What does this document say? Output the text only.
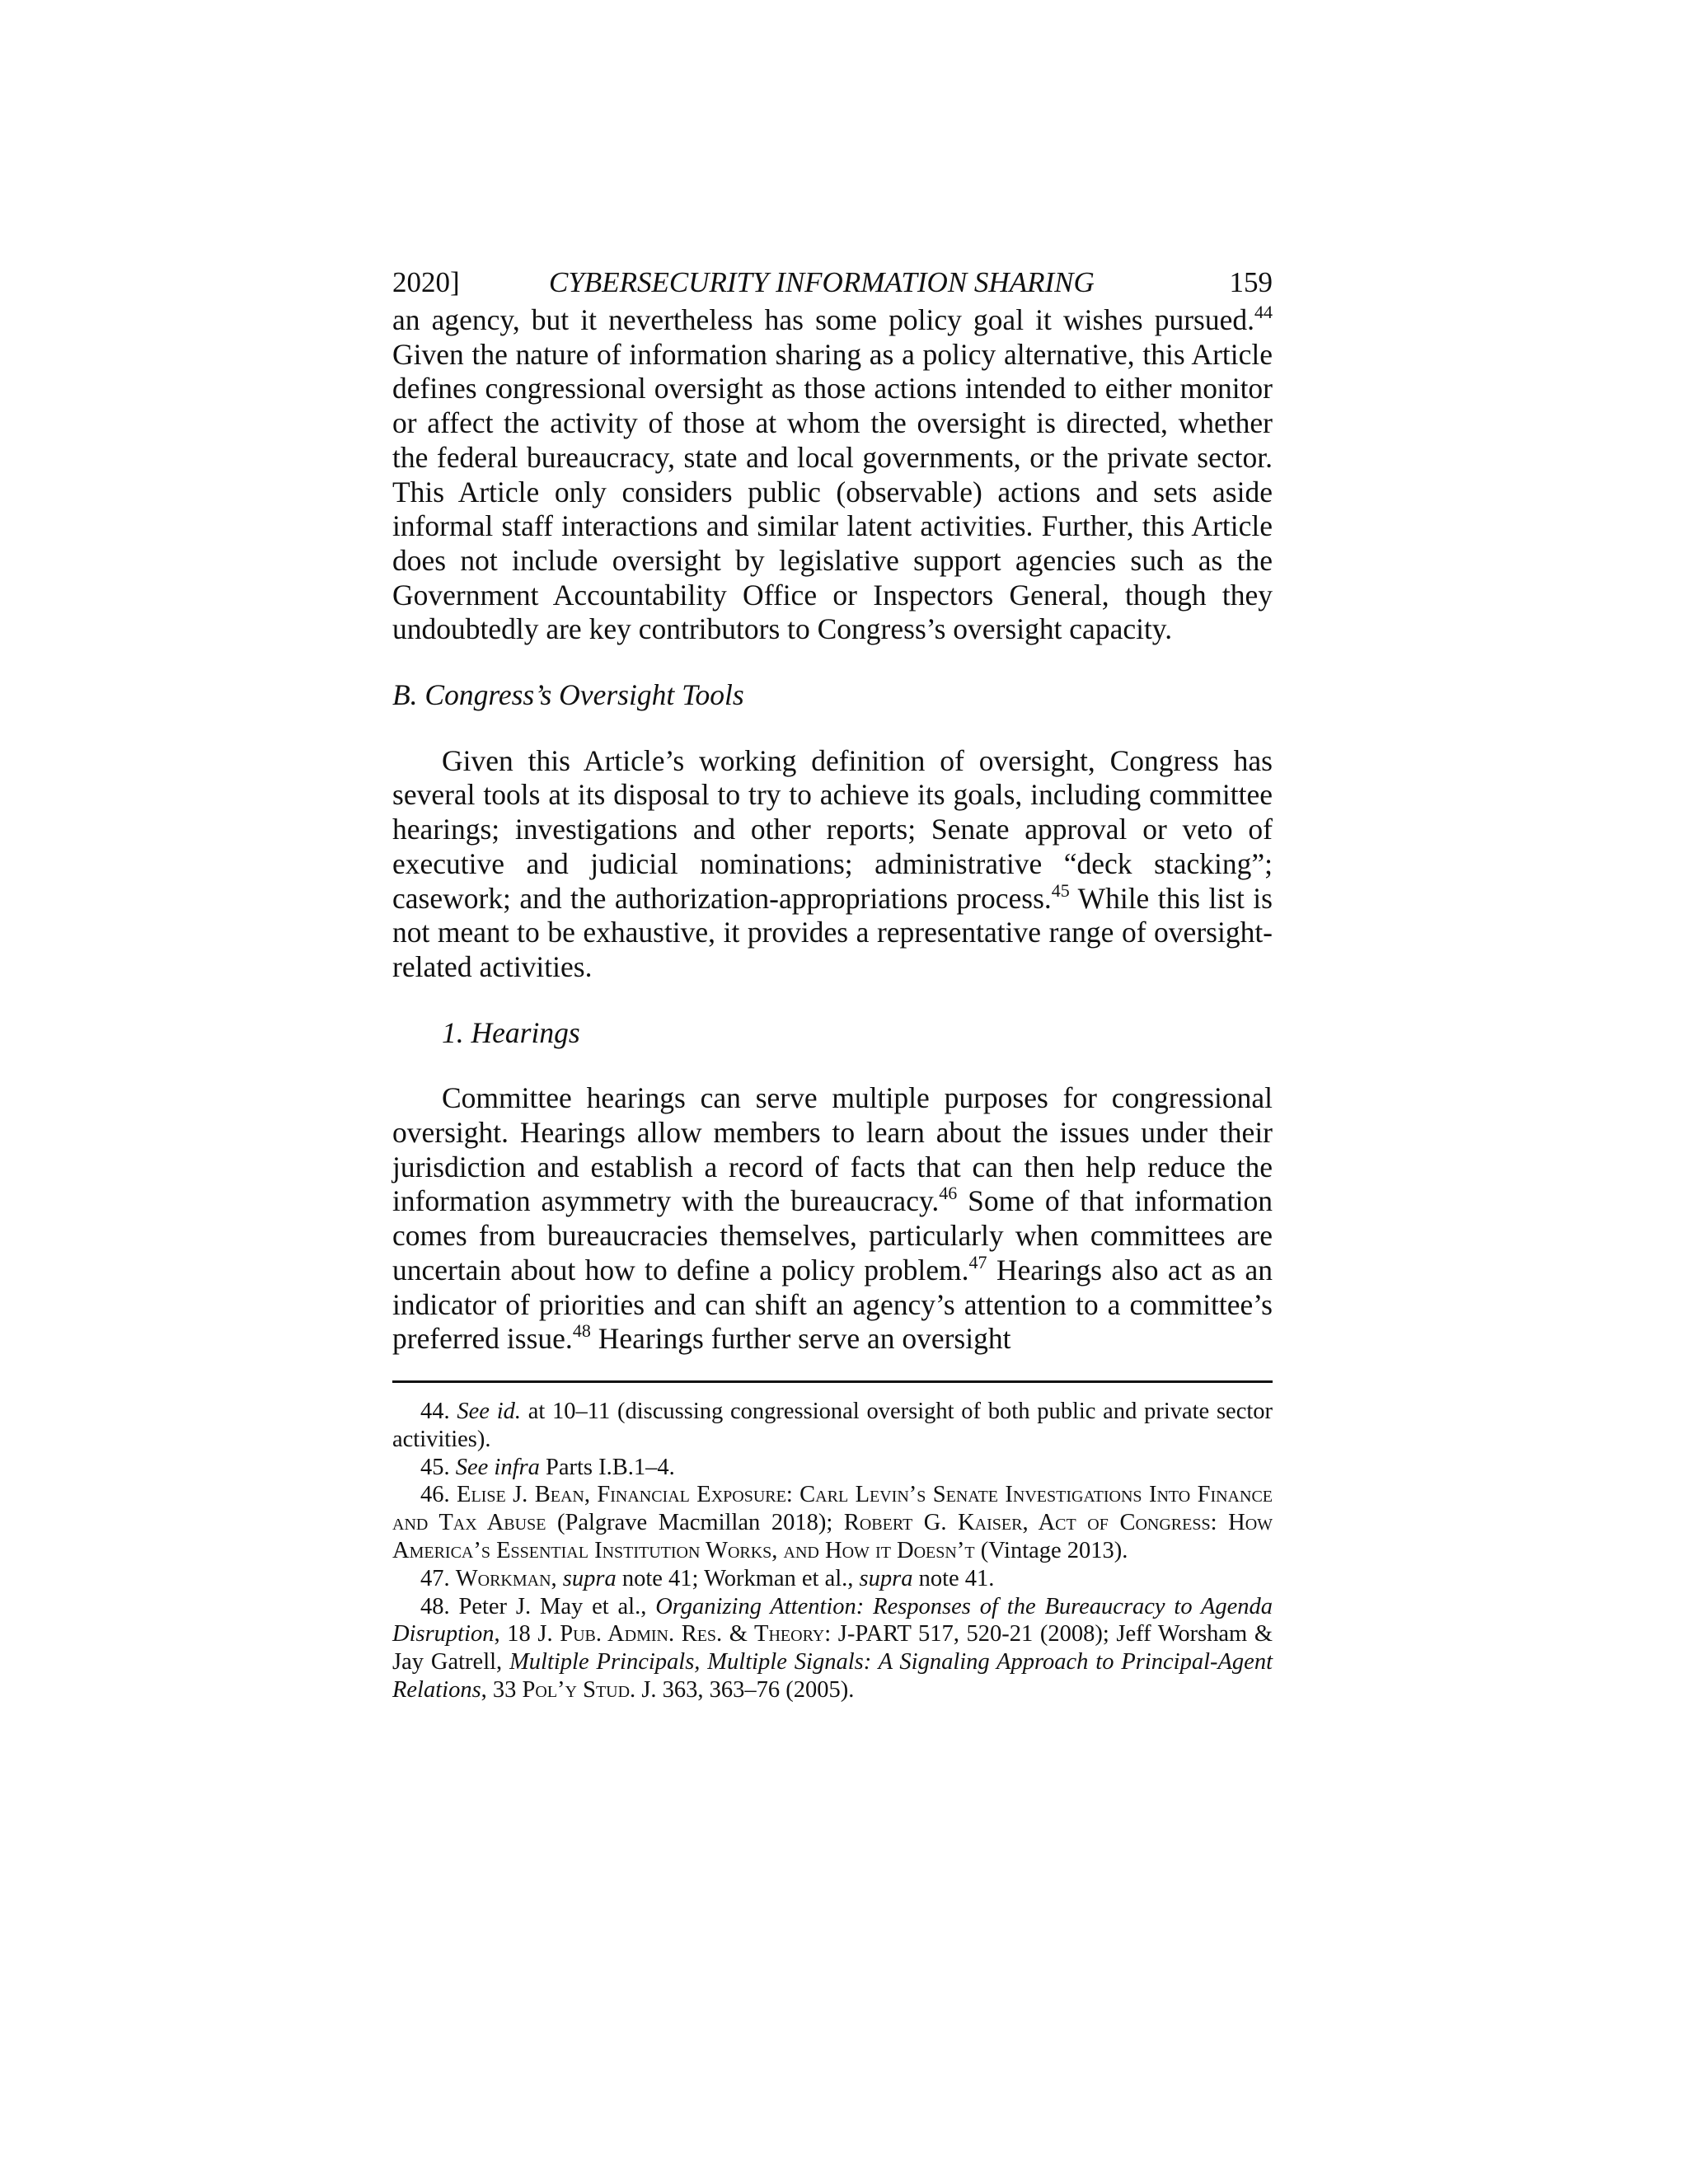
2020]	CYBERSECURITY INFORMATION SHARING	159

an agency, but it nevertheless has some policy goal it wishes pursued.$^{44}$ Given the nature of information sharing as a policy alternative, this Article defines congressional oversight as those actions intended to either monitor or affect the activity of those at whom the oversight is directed, whether the federal bureaucracy, state and local governments, or the private sector. This Article only considers public (observable) actions and sets aside informal staff interactions and similar latent activities. Further, this Article does not include oversight by legislative support agencies such as the Government Accountability Office or Inspectors General, though they undoubtedly are key contributors to Congress’s oversight capacity.

B. Congress’s Oversight Tools

Given this Article’s working definition of oversight, Congress has several tools at its disposal to try to achieve its goals, including committee hearings; investigations and other reports; Senate approval or veto of executive and judicial nominations; administrative “deck stacking”; casework; and the authorization-appropriations process.$^{45}$ While this list is not meant to be exhaustive, it provides a representative range of oversight-related activities.

1. Hearings

Committee hearings can serve multiple purposes for congressional oversight. Hearings allow members to learn about the issues under their jurisdiction and establish a record of facts that can then help reduce the information asymmetry with the bureaucracy.$^{46}$ Some of that information comes from bureaucracies themselves, particularly when committees are uncertain about how to define a policy problem.$^{47}$ Hearings also act as an indicator of priorities and can shift an agency’s attention to a committee’s preferred issue.$^{48}$ Hearings further serve an oversight

44. See id. at 10–11 (discussing congressional oversight of both public and private sector activities).

45. See infra Parts I.B.1–4.

46. Elise J. Bean, Financial Exposure: Carl Levin’s Senate Investigations Into Finance and Tax Abuse (Palgrave Macmillan 2018); Robert G. Kaiser, Act of Congress: How America’s Essential Institution Works, and How it Doesn’t (Vintage 2013).

47. Workman, supra note 41; Workman et al., supra note 41.

48. Peter J. May et al., Organizing Attention: Responses of the Bureaucracy to Agenda Disruption, 18 J. Pub. Admin. Res. & Theory: J-PART 517, 520-21 (2008); Jeff Worsham & Jay Gatrell, Multiple Principals, Multiple Signals: A Signaling Approach to Principal-Agent Relations, 33 Pol’y Stud. J. 363, 363–76 (2005).
